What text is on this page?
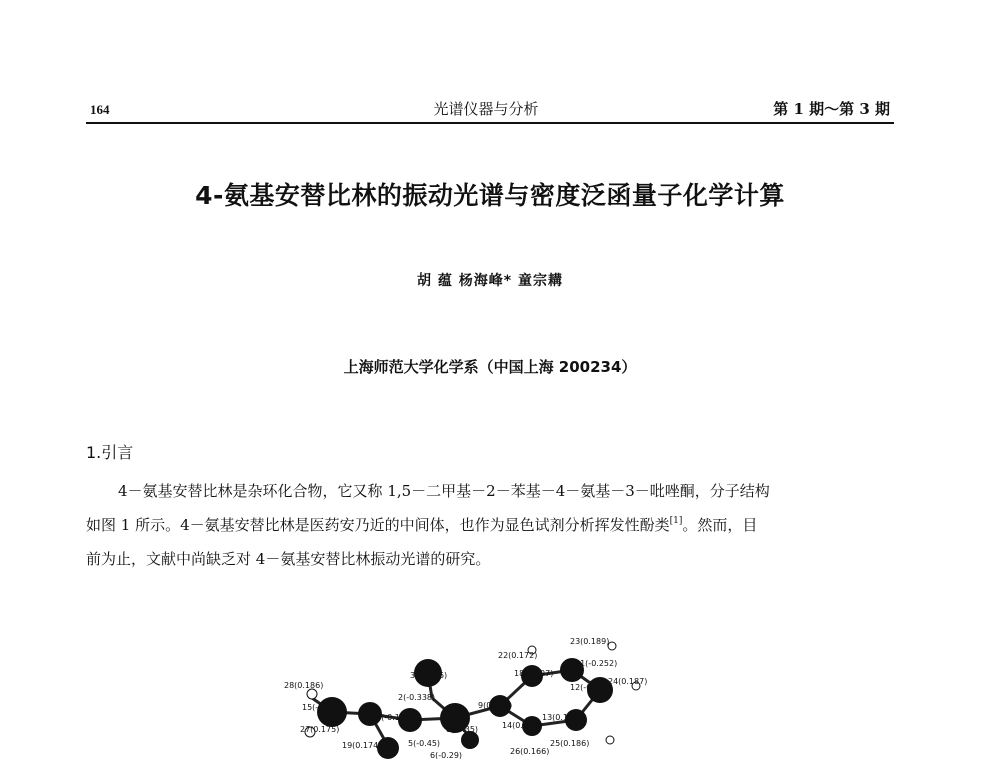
164	光谱仪器与分析	第 1 期～第 3 期
4-氨基安替比林的振动光谱与密度泛函量子化学计算
胡 蕴 杨海峰* 童宗耩
上海师范大学化学系（中国上海 200234）
1.引言
4－氨基安替比林是杂环化合物，它又称 1,5－二甲基－2－苯基－4－氨基－3－吡唑酮，分子结构
如图 1 所示。4－氨基安替比林是医药安乃近的中间体，也作为显色试剂分析挥发性酚类[1]。然而，目
前为止，文献中尚缺乏对 4－氨基安替比林振动光谱的研究。
23(0.189)
22(0.172)
11(-0.252)
18(0.197)
3(-0.576)
12(-0.197)
24(0.187)
28(0.186)
2(-0.338)
9(0.142)
15(-0.122)
1(-0.198)	13(0.190)
27(0.175)	8(-0.35)	14(0.198)
5(-0.45)	25(0.186)
19(0.174)
26(0.166)
6(-0.29)
